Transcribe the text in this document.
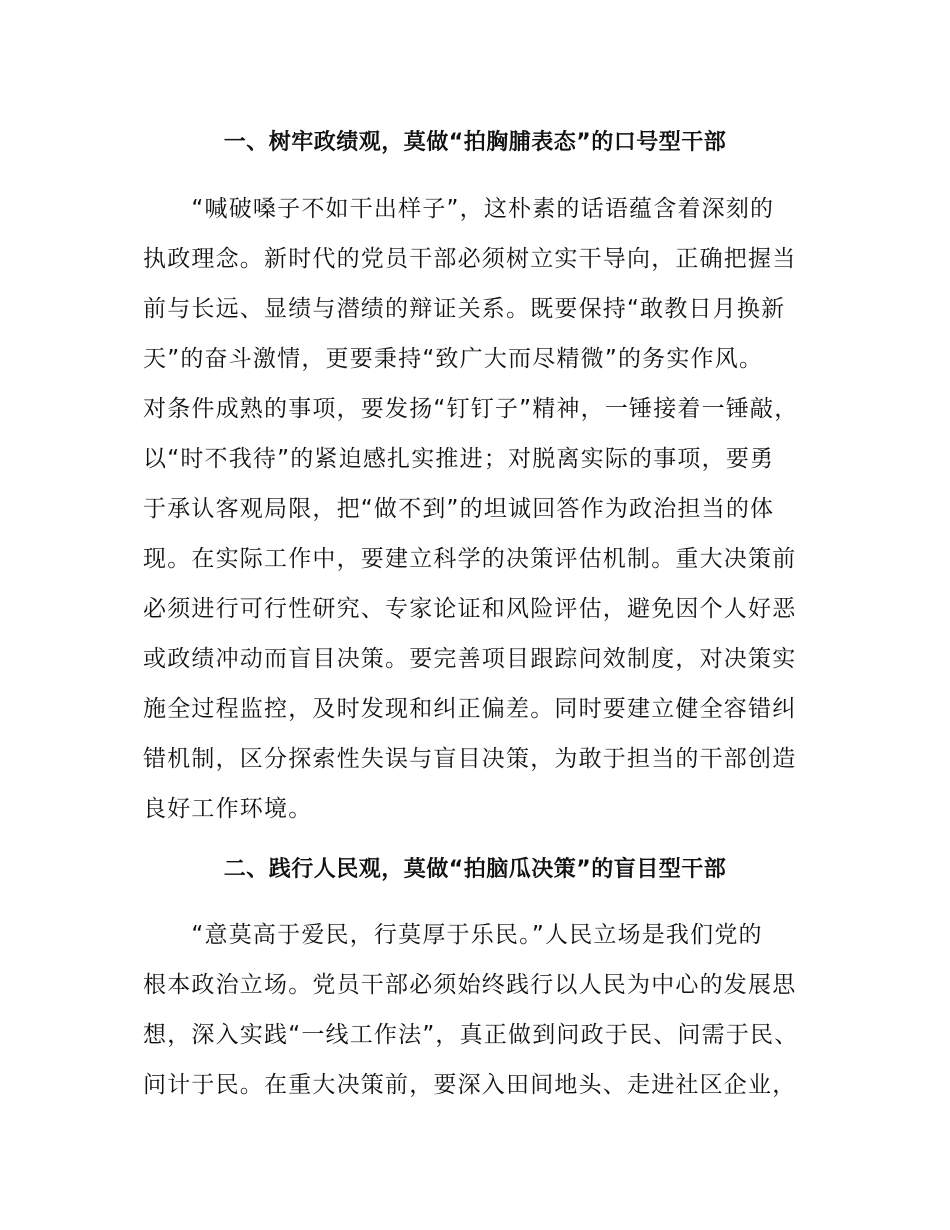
一、树牢政绩观，莫做“拍胸脯表态”的口号型干部
　　“喊破嗓子不如干出样子”，这朴素的话语蕴含着深刻的
执政理念。新时代的党员干部必须树立实干导向，正确把握当
前与长远、显绩与潜绩的辩证关系。既要保持“敢教日月换新
天”的奋斗激情，更要秉持“致广大而尽精微”的务实作风。
对条件成熟的事项，要发扬“钉钉子”精神，一锤接着一锤敲，
以“时不我待”的紧迫感扎实推进；对脱离实际的事项，要勇
于承认客观局限，把“做不到”的坦诚回答作为政治担当的体
现。在实际工作中，要建立科学的决策评估机制。重大决策前
必须进行可行性研究、专家论证和风险评估，避免因个人好恶
或政绩冲动而盲目决策。要完善项目跟踪问效制度，对决策实
施全过程监控，及时发现和纠正偏差。同时要建立健全容错纠
错机制，区分探索性失误与盲目决策，为敢于担当的干部创造
良好工作环境。
二、践行人民观，莫做“拍脑瓜决策”的盲目型干部
　　“意莫高于爱民，行莫厚于乐民。”人民立场是我们党的
根本政治立场。党员干部必须始终践行以人民为中心的发展思
想，深入实践“一线工作法”，真正做到问政于民、问需于民、
问计于民。在重大决策前，要深入田间地头、走进社区企业，
